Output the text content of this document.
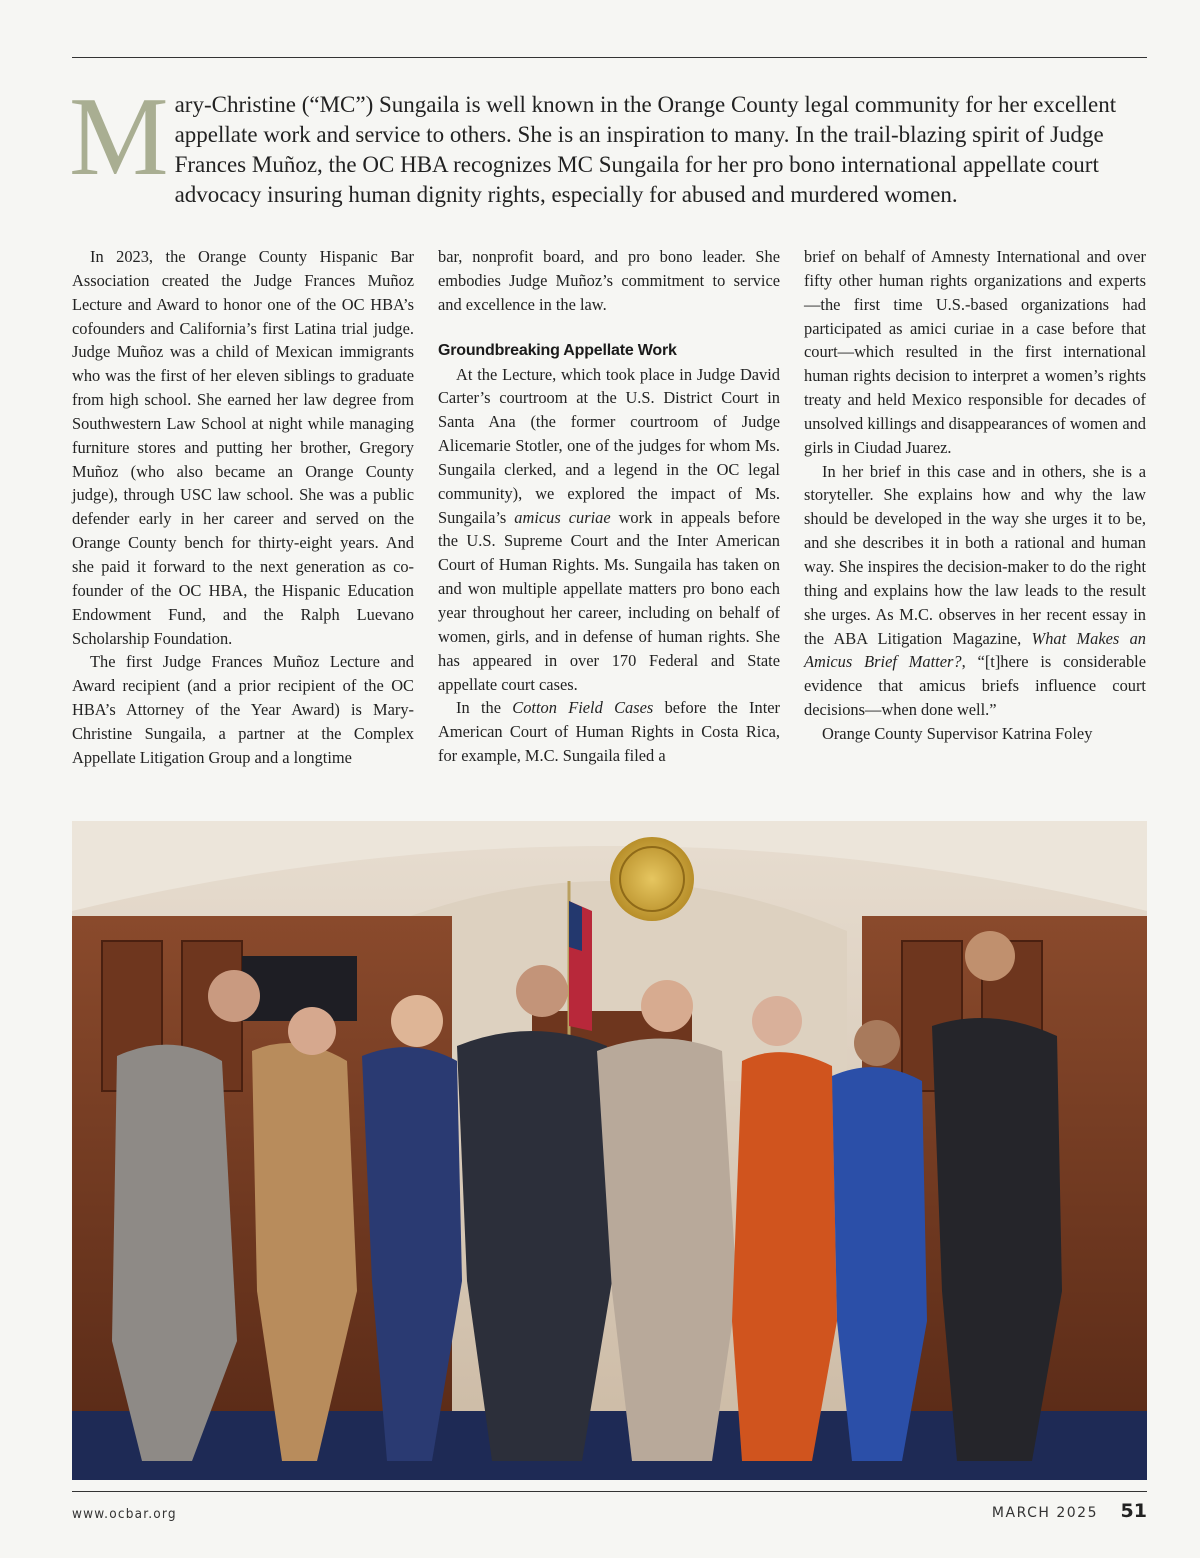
Mary-Christine (“MC”) Sungaila is well known in the Orange County legal community for her excellent appellate work and service to others. She is an inspiration to many. In the trail-blazing spirit of Judge Frances Muñoz, the OC HBA recognizes MC Sungaila for her pro bono international appellate court advocacy insuring human dignity rights, especially for abused and murdered women.

In 2023, the Orange County Hispanic Bar Association created the Judge Frances Muñoz Lecture and Award to honor one of the OC HBA’s cofounders and California’s first Latina trial judge. Judge Muñoz was a child of Mexican immigrants who was the first of her eleven siblings to graduate from high school. She earned her law degree from Southwestern Law School at night while managing furniture stores and putting her brother, Gregory Muñoz (who also became an Orange County judge), through USC law school. She was a public defender early in her career and served on the Orange County bench for thirty-eight years. And she paid it forward to the next generation as co-founder of the OC HBA, the Hispanic Education Endowment Fund, and the Ralph Luevano Scholarship Foundation.

The first Judge Frances Muñoz Lecture and Award recipient (and a prior recipient of the OC HBA’s Attorney of the Year Award) is Mary-Christine Sungaila, a partner at the Complex Appellate Litigation Group and a longtime

bar, nonprofit board, and pro bono leader. She embodies Judge Muñoz’s commitment to service and excellence in the law.

Groundbreaking Appellate Work

At the Lecture, which took place in Judge David Carter’s courtroom at the U.S. District Court in Santa Ana (the former courtroom of Judge Alicemarie Stotler, one of the judges for whom Ms. Sungaila clerked, and a legend in the OC legal community), we explored the impact of Ms. Sungaila’s amicus curiae work in appeals before the U.S. Supreme Court and the Inter American Court of Human Rights. Ms. Sungaila has taken on and won multiple appellate matters pro bono each year throughout her career, including on behalf of women, girls, and in defense of human rights. She has appeared in over 170 Federal and State appellate court cases.

In the Cotton Field Cases before the Inter American Court of Human Rights in Costa Rica, for example, M.C. Sungaila filed a

brief on behalf of Amnesty International and over fifty other human rights organizations and experts—the first time U.S.-based organizations had participated as amici curiae in a case before that court—which resulted in the first international human rights decision to interpret a women’s rights treaty and held Mexico responsible for decades of unsolved killings and disappearances of women and girls in Ciudad Juarez.

In her brief in this case and in others, she is a storyteller. She explains how and why the law should be developed in the way she urges it to be, and she describes it in both a rational and human way. She inspires the decision-maker to do the right thing and explains how the law leads to the result she urges. As M.C. observes in her recent essay in the ABA Litigation Magazine, What Makes an Amicus Brief Matter?, “[t]here is considerable evidence that amicus briefs influence court decisions—when done well.”

Orange County Supervisor Katrina Foley

www.ocbar.org	MARCH 2025 51
